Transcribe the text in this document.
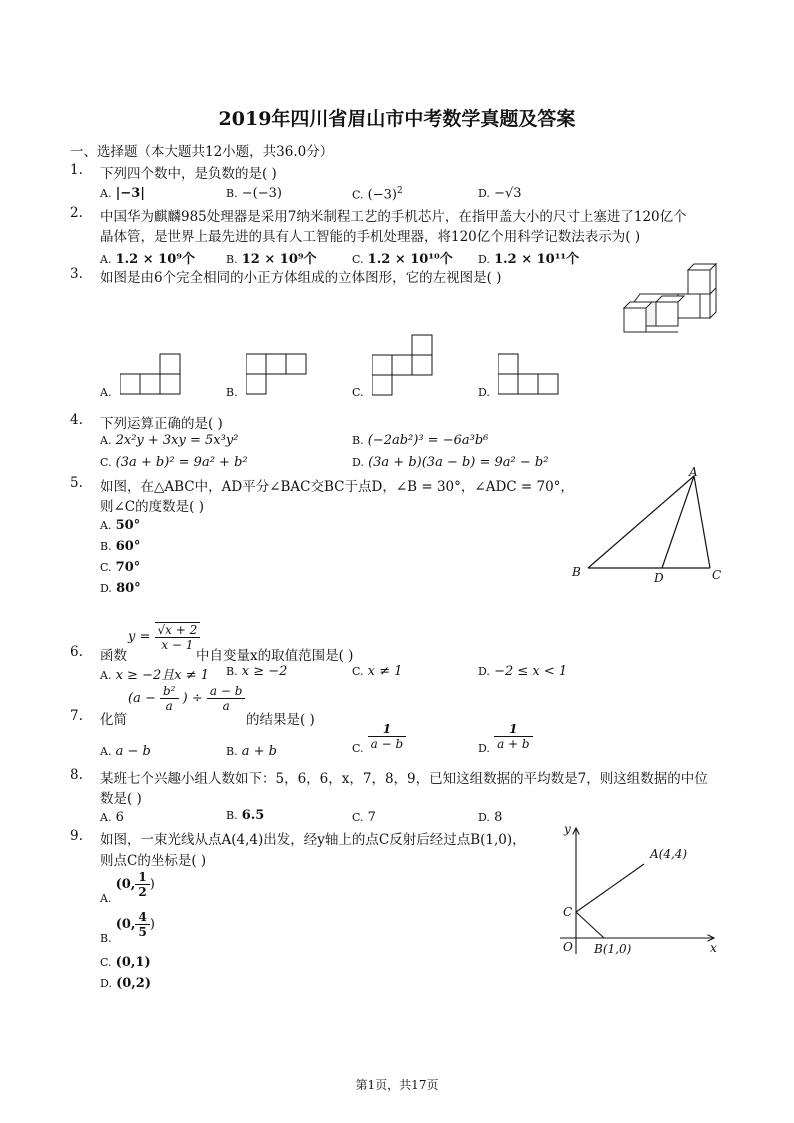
2019年四川省眉山市中考数学真题及答案
一、选择题（本大题共12小题，共36.0分）
1. 下列四个数中，是负数的是( )
A. |−3|	B. −(−3)	C. $(-3)^2$	D. −√3
2. 中国华为麒麟985处理器是采用7纳米制程工艺的手机芯片，在指甲盖大小的尺寸上塞进了120亿个
晶体管，是世界上最先进的具有人工智能的手机处理器，将120亿个用科学记数法表示为( )
A. 1.2 × 10⁹个	B. 12 × 10⁹个	C. 1.2 × 10¹⁰个 D. 1.2 × 10¹¹个
3. 如图是由6个完全相同的小正方体组成的立体图形，它的左视图是( )
A.	B.	C.	D.
4. 下列运算正确的是( )
A. 2x²y + 3xy = 5x³y²	B. (−2ab²)³ = −6a³b⁶
C. (3a + b)² = 9a² + b²	D. (3a + b)(3a − b) = 9a² − b²
5. 如图，在△ABC中，AD平分∠BAC交BC于点D，∠B = 30°，∠ADC = 70°，
则∠C的度数是( )
A. 50°
B. 60°
C. 70°
D. 80°
A
B	C
D
6. 函数
$y = \frac{√x + 2}{x - 1}$
中自变量x的取值范围是( )
A. x ≥ −2且x ≠ 1 B. x ≥ −2	C. x ≠ 1	D. −2 ≤ x < 1
7. 化简
($a - \frac{\text{b²}}{a}$ ) ÷ $\frac{a - b}{a}$
的结果是( )
A. a − b	B. a + b	$_{C.} \frac{1}{a - b}$	$_{D.} \frac{1}{a + b}$
8. 某班七个兴趣小组人数如下：5，6，6，x，7，8，9，已知这组数据的平均数是7，则这组数据的中位
数是( )
A. 6	B. 6.5	C. 7	D. 8
9. 如图，一束光线从点A(4,4)出发，经y轴上的点C反射后经过点B(1,0)，
则点C的坐标是( )
$_{A.}$ (0, $\frac{1}{2}$ )
$_{B.}$ (0, $\frac{4}{5}$ )
C. (0,1)
D. (0,2)
y
x
O
C
A(4,4)
B(1,0)
第1页，共17页
